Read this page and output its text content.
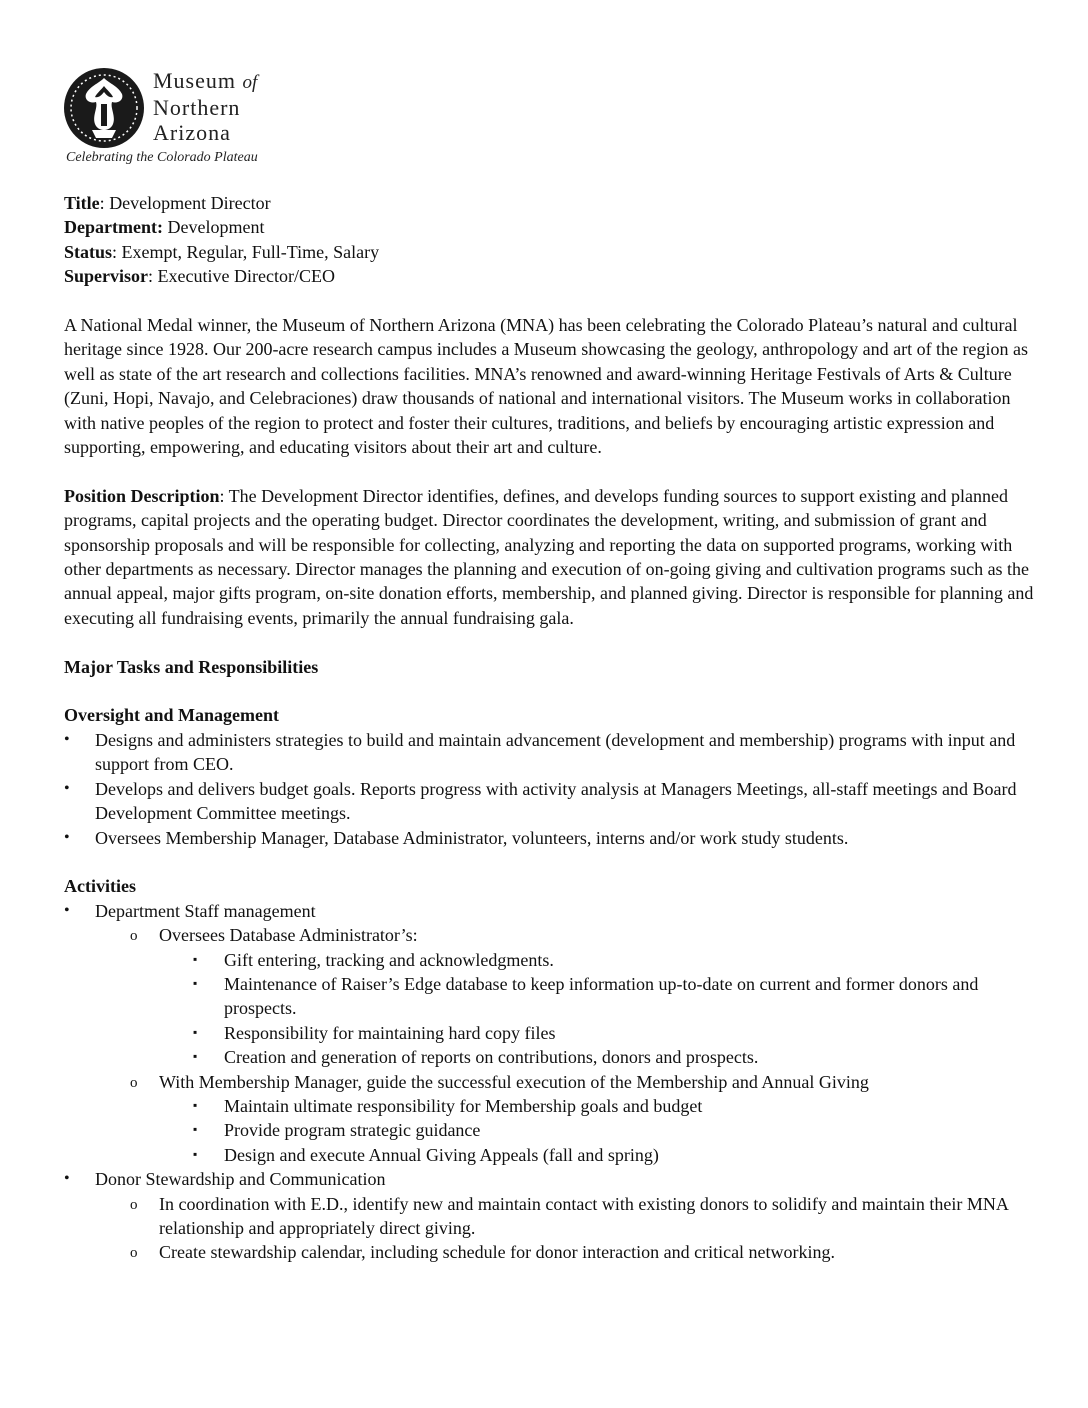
Museum of
Northern
Arizona
Celebrating the Colorado Plateau
Title: Development Director
Department: Development
Status: Exempt, Regular, Full-Time, Salary
Supervisor: Executive Director/CEO

A National Medal winner, the Museum of Northern Arizona (MNA) has been celebrating the Colorado Plateau’s natural and cultural heritage since 1928. Our 200-acre research campus includes a Museum showcasing the geology, anthropology and art of the region as well as state of the art research and collections facilities. MNA’s renowned and award-winning Heritage Festivals of Arts & Culture (Zuni, Hopi, Navajo, and Celebraciones) draw thousands of national and international visitors. The Museum works in collaboration with native peoples of the region to protect and foster their cultures, traditions, and beliefs by encouraging artistic expression and supporting, empowering, and educating visitors about their art and culture.

Position Description: The Development Director identifies, defines, and develops funding sources to support existing and planned programs, capital projects and the operating budget. Director coordinates the development, writing, and submission of grant and sponsorship proposals and will be responsible for collecting, analyzing and reporting the data on supported programs, working with other departments as necessary. Director manages the planning and execution of on-going giving and cultivation programs such as the annual appeal, major gifts program, on-site donation efforts, membership, and planned giving. Director is responsible for planning and executing all fundraising events, primarily the annual fundraising gala.

Major Tasks and Responsibilities

Oversight and Management

• Designs and administers strategies to build and maintain advancement (development and membership) programs with input and support from CEO.
• Develops and delivers budget goals. Reports progress with activity analysis at Managers Meetings, all-staff meetings and Board Development Committee meetings.
• Oversees Membership Manager, Database Administrator, volunteers, interns and/or work study students.

Activities

• Department Staff management
o Oversees Database Administrator’s:
▪ Gift entering, tracking and acknowledgments.
▪ Maintenance of Raiser’s Edge database to keep information up-to-date on current and former donors and prospects.
▪ Responsibility for maintaining hard copy files
▪ Creation and generation of reports on contributions, donors and prospects.
o With Membership Manager, guide the successful execution of the Membership and Annual Giving
▪ Maintain ultimate responsibility for Membership goals and budget
▪ Provide program strategic guidance
▪ Design and execute Annual Giving Appeals (fall and spring)
• Donor Stewardship and Communication
o In coordination with E.D., identify new and maintain contact with existing donors to solidify and maintain their MNA relationship and appropriately direct giving.
o Create stewardship calendar, including schedule for donor interaction and critical networking.
